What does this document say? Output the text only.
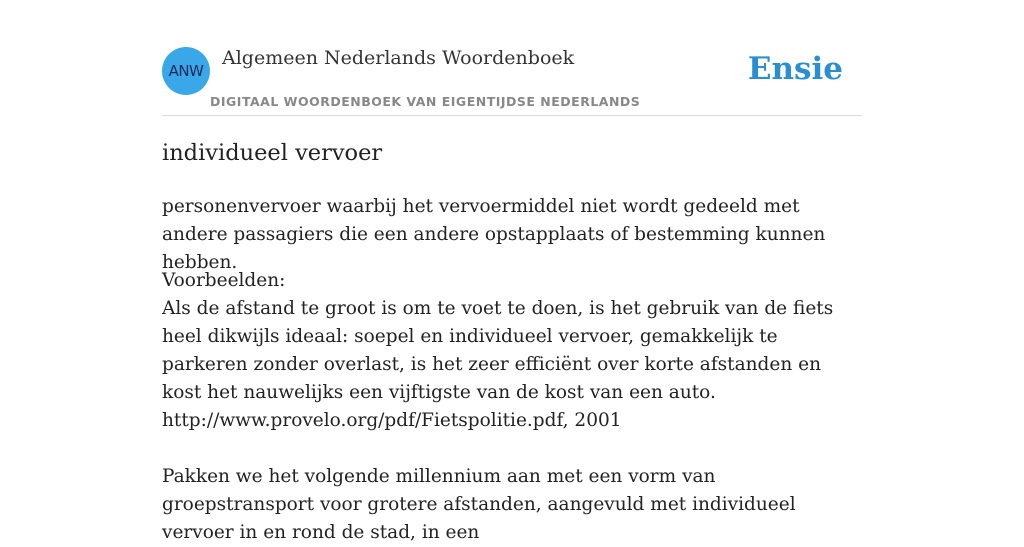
ANW
Algemeen Nederlands Woordenboek
DIGITAAL WOORDENBOEK VAN EIGENTIJDSE NEDERLANDS
Ensie
individueel vervoer
personenvervoer waarbij het vervoermiddel niet wordt gedeeld met andere passagiers die een andere opstapplaats of bestemming kunnen hebben.

Voorbeelden:

Als de afstand te groot is om te voet te doen, is het gebruik van de fiets heel dikwijls ideaal: soepel en individueel vervoer, gemakkelijk te parkeren zonder overlast, is het zeer efficiënt over korte afstanden en kost het nauwelijks een vijftigste van de kost van een auto.

http://www.provelo.org/pdf/Fietspolitie.pdf, 2001

Pakken we het volgende millennium aan met een vorm van groepstransport voor grotere afstanden, aangevuld met individueel vervoer in en rond de stad, in een
